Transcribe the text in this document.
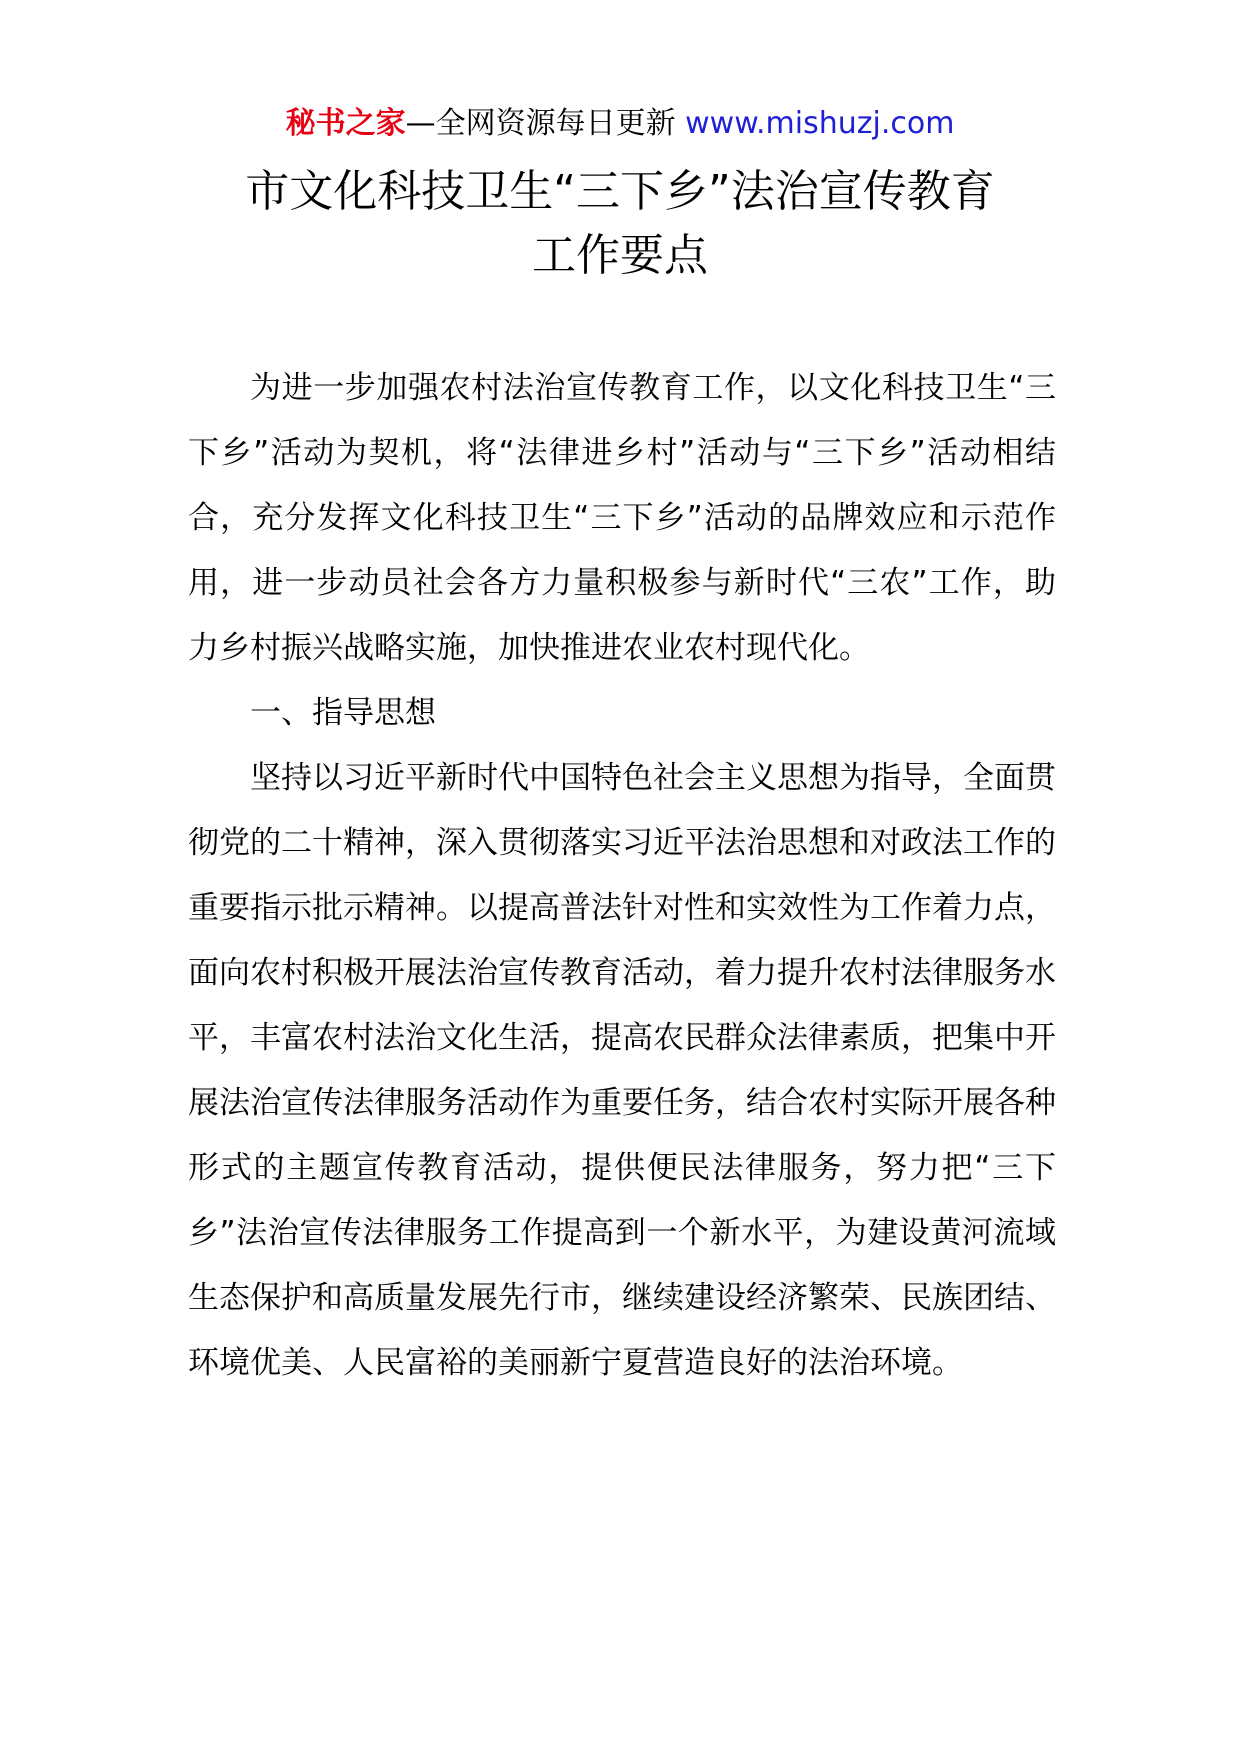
秘书之家—全网资源每日更新 www.mishuzj.com
市文化科技卫生“三下乡”法治宣传教育
工作要点

为进一步加强农村法治宣传教育工作，以文化科技卫生“三下乡”活动为契机，将“法律进乡村”活动与“三下乡”活动相结合，充分发挥文化科技卫生“三下乡”活动的品牌效应和示范作用，进一步动员社会各方力量积极参与新时代“三农”工作，助力乡村振兴战略实施，加快推进农业农村现代化。

一、指导思想

坚持以习近平新时代中国特色社会主义思想为指导，全面贯彻党的二十精神，深入贯彻落实习近平法治思想和对政法工作的重要指示批示精神。以提高普法针对性和实效性为工作着力点，面向农村积极开展法治宣传教育活动，着力提升农村法律服务水平，丰富农村法治文化生活，提高农民群众法律素质，把集中开展法治宣传法律服务活动作为重要任务，结合农村实际开展各种形式的主题宣传教育活动，提供便民法律服务，努力把“三下乡”法治宣传法律服务工作提高到一个新水平，为建设黄河流域生态保护和高质量发展先行市，继续建设经济繁荣、民族团结、环境优美、人民富裕的美丽新宁夏营造良好的法治环境。
